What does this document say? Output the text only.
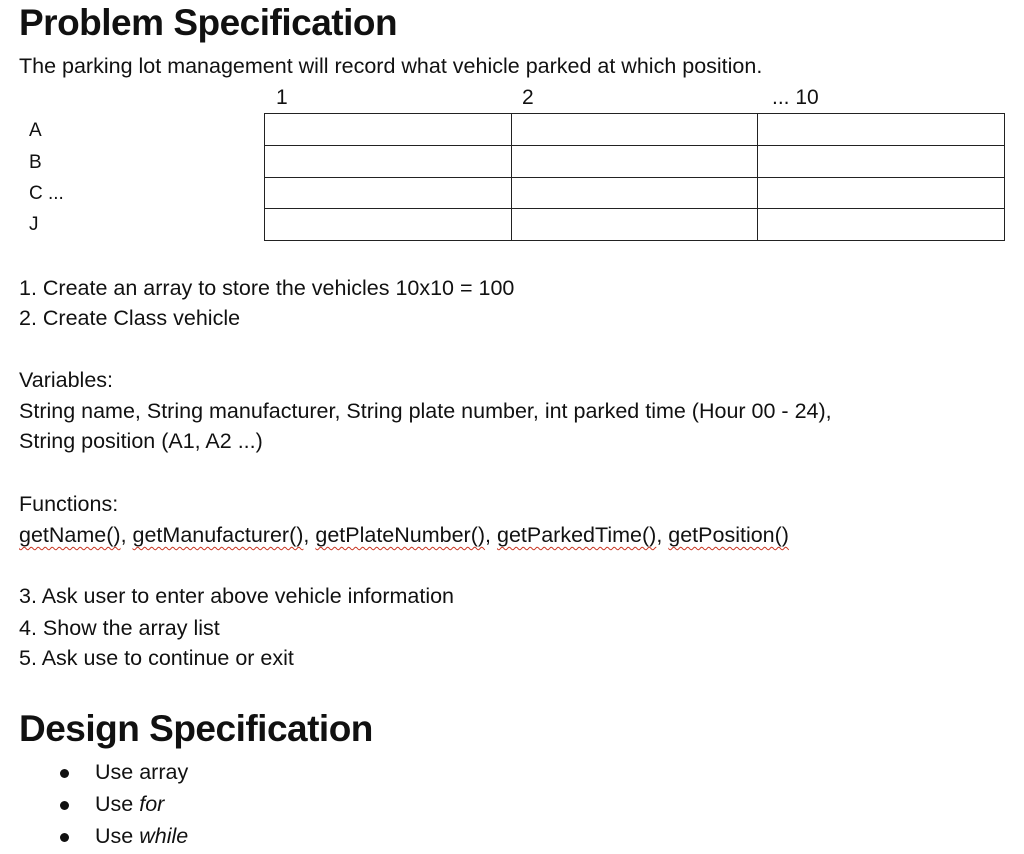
Problem Specification
The parking lot management will record what vehicle parked at which position.
1	2	... 10
A
B
C ...
J

1. Create an array to store the vehicles 10x10 = 100
2. Create Class vehicle
Variables:
String name, String manufacturer, String plate number, int parked time (Hour 00 - 24),
String position (A1, A2 ...)
Functions:
getName(), getManufacturer(), getPlateNumber(), getParkedTime(), getPosition()
3. Ask user to enter above vehicle information
4. Show the array list
5. Ask use to continue or exit
Design Specification
Use array
Use for
Use while
